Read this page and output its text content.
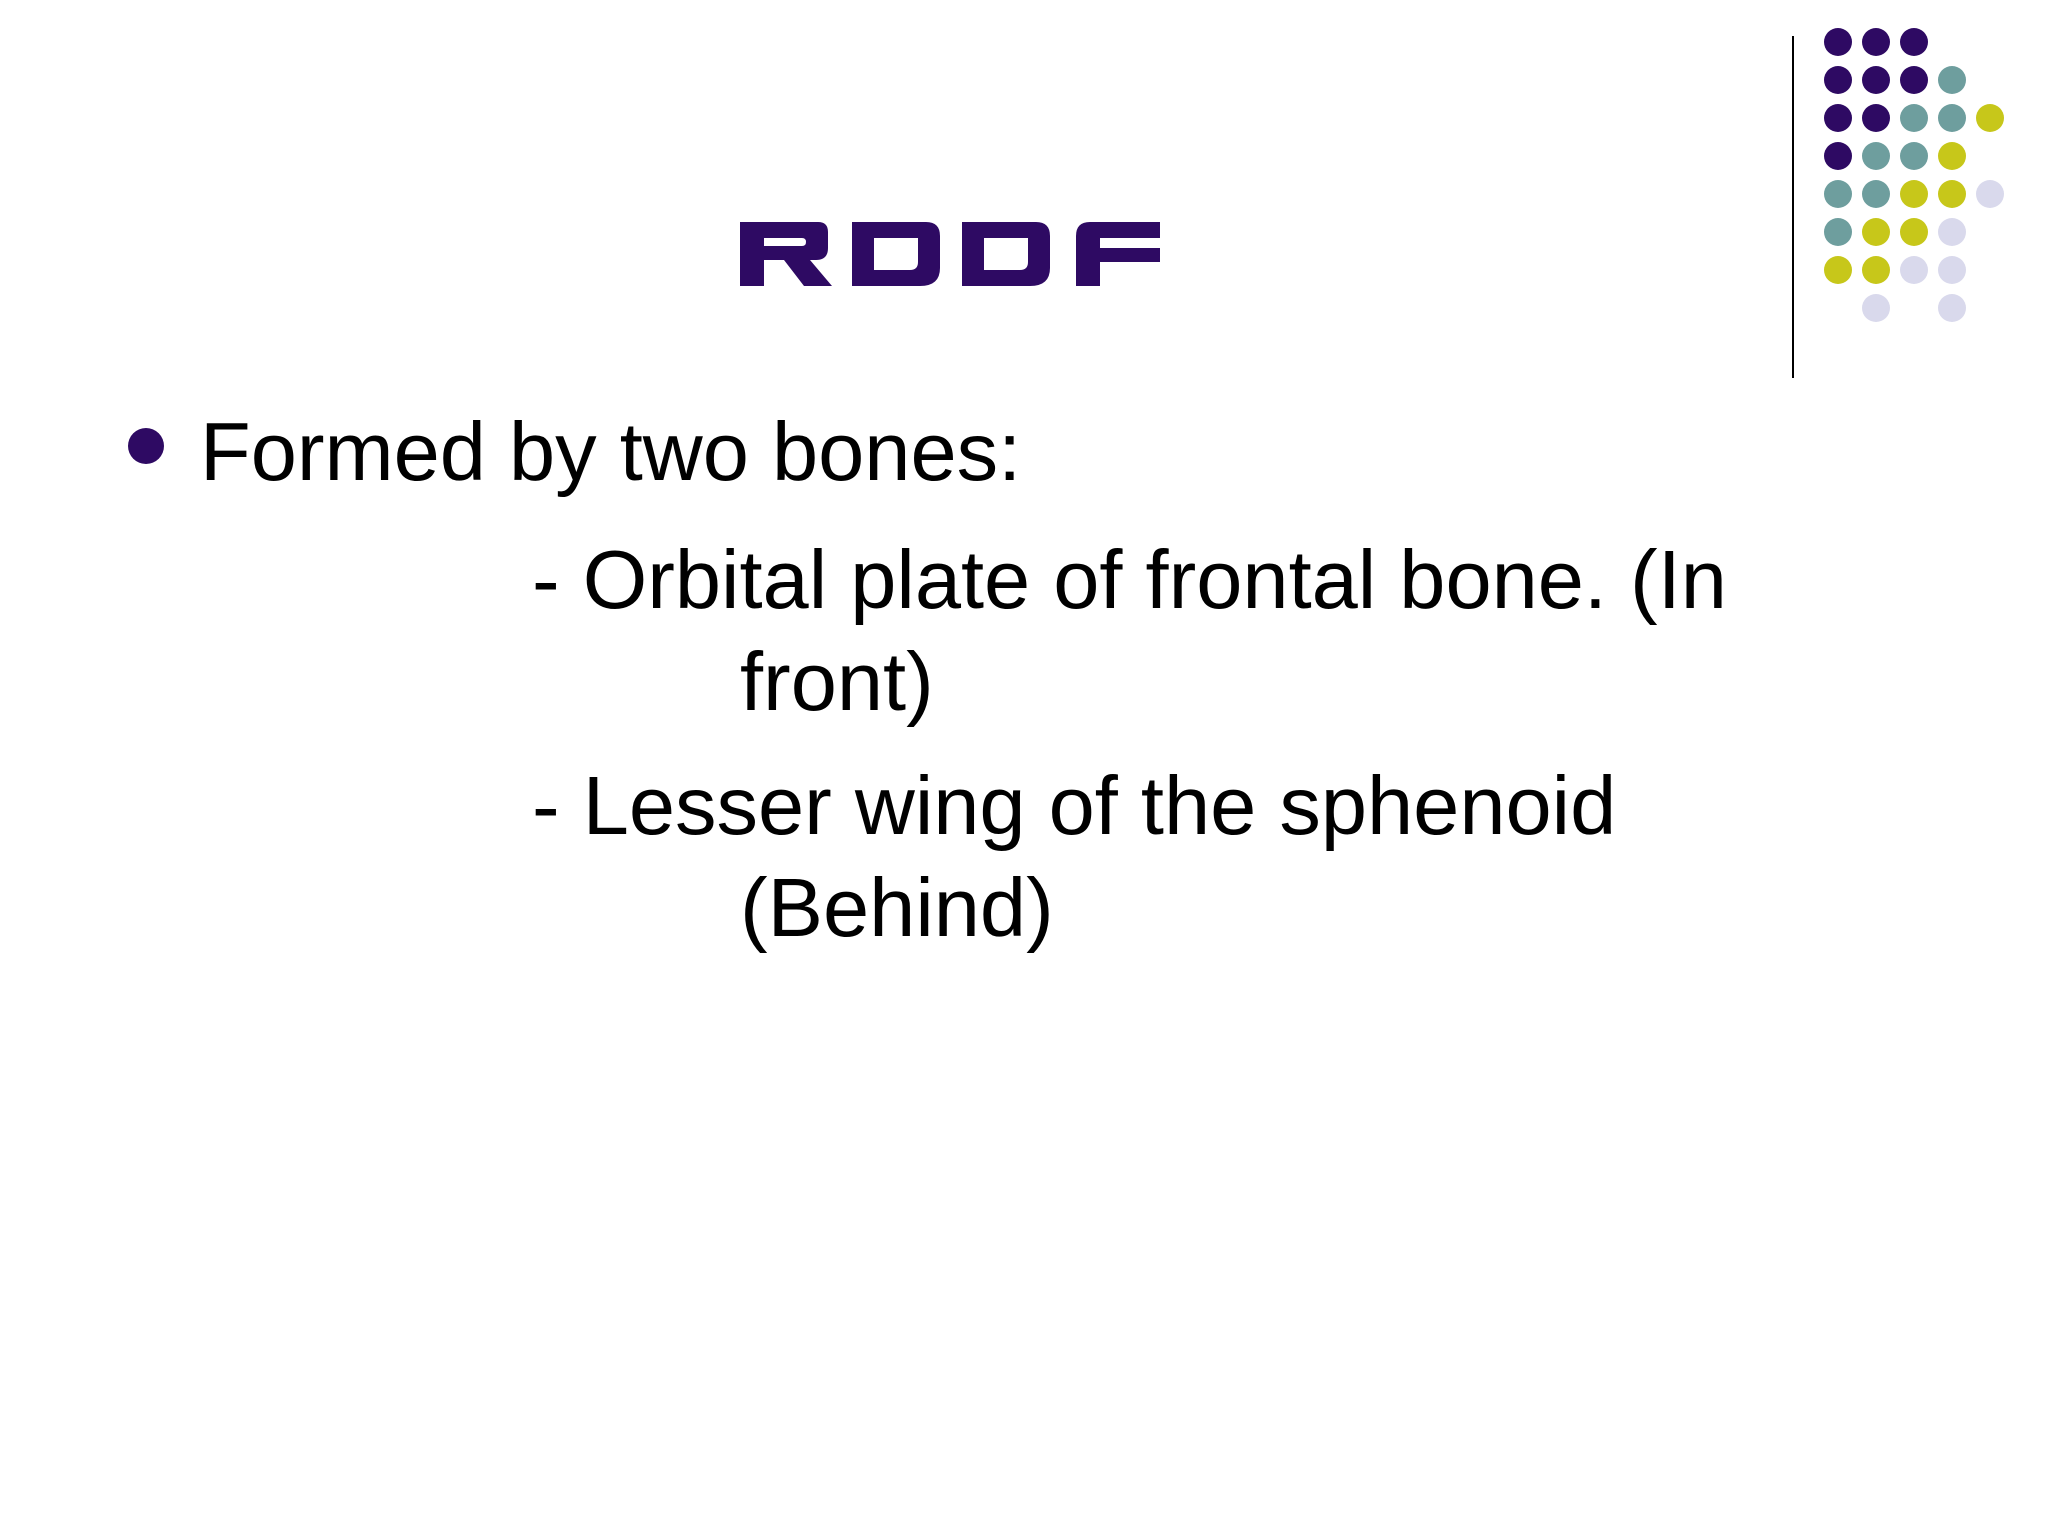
Formed by two bones:
- Orbital plate of frontal bone. (In
front)
- Lesser wing of the sphenoid
(Behind)
